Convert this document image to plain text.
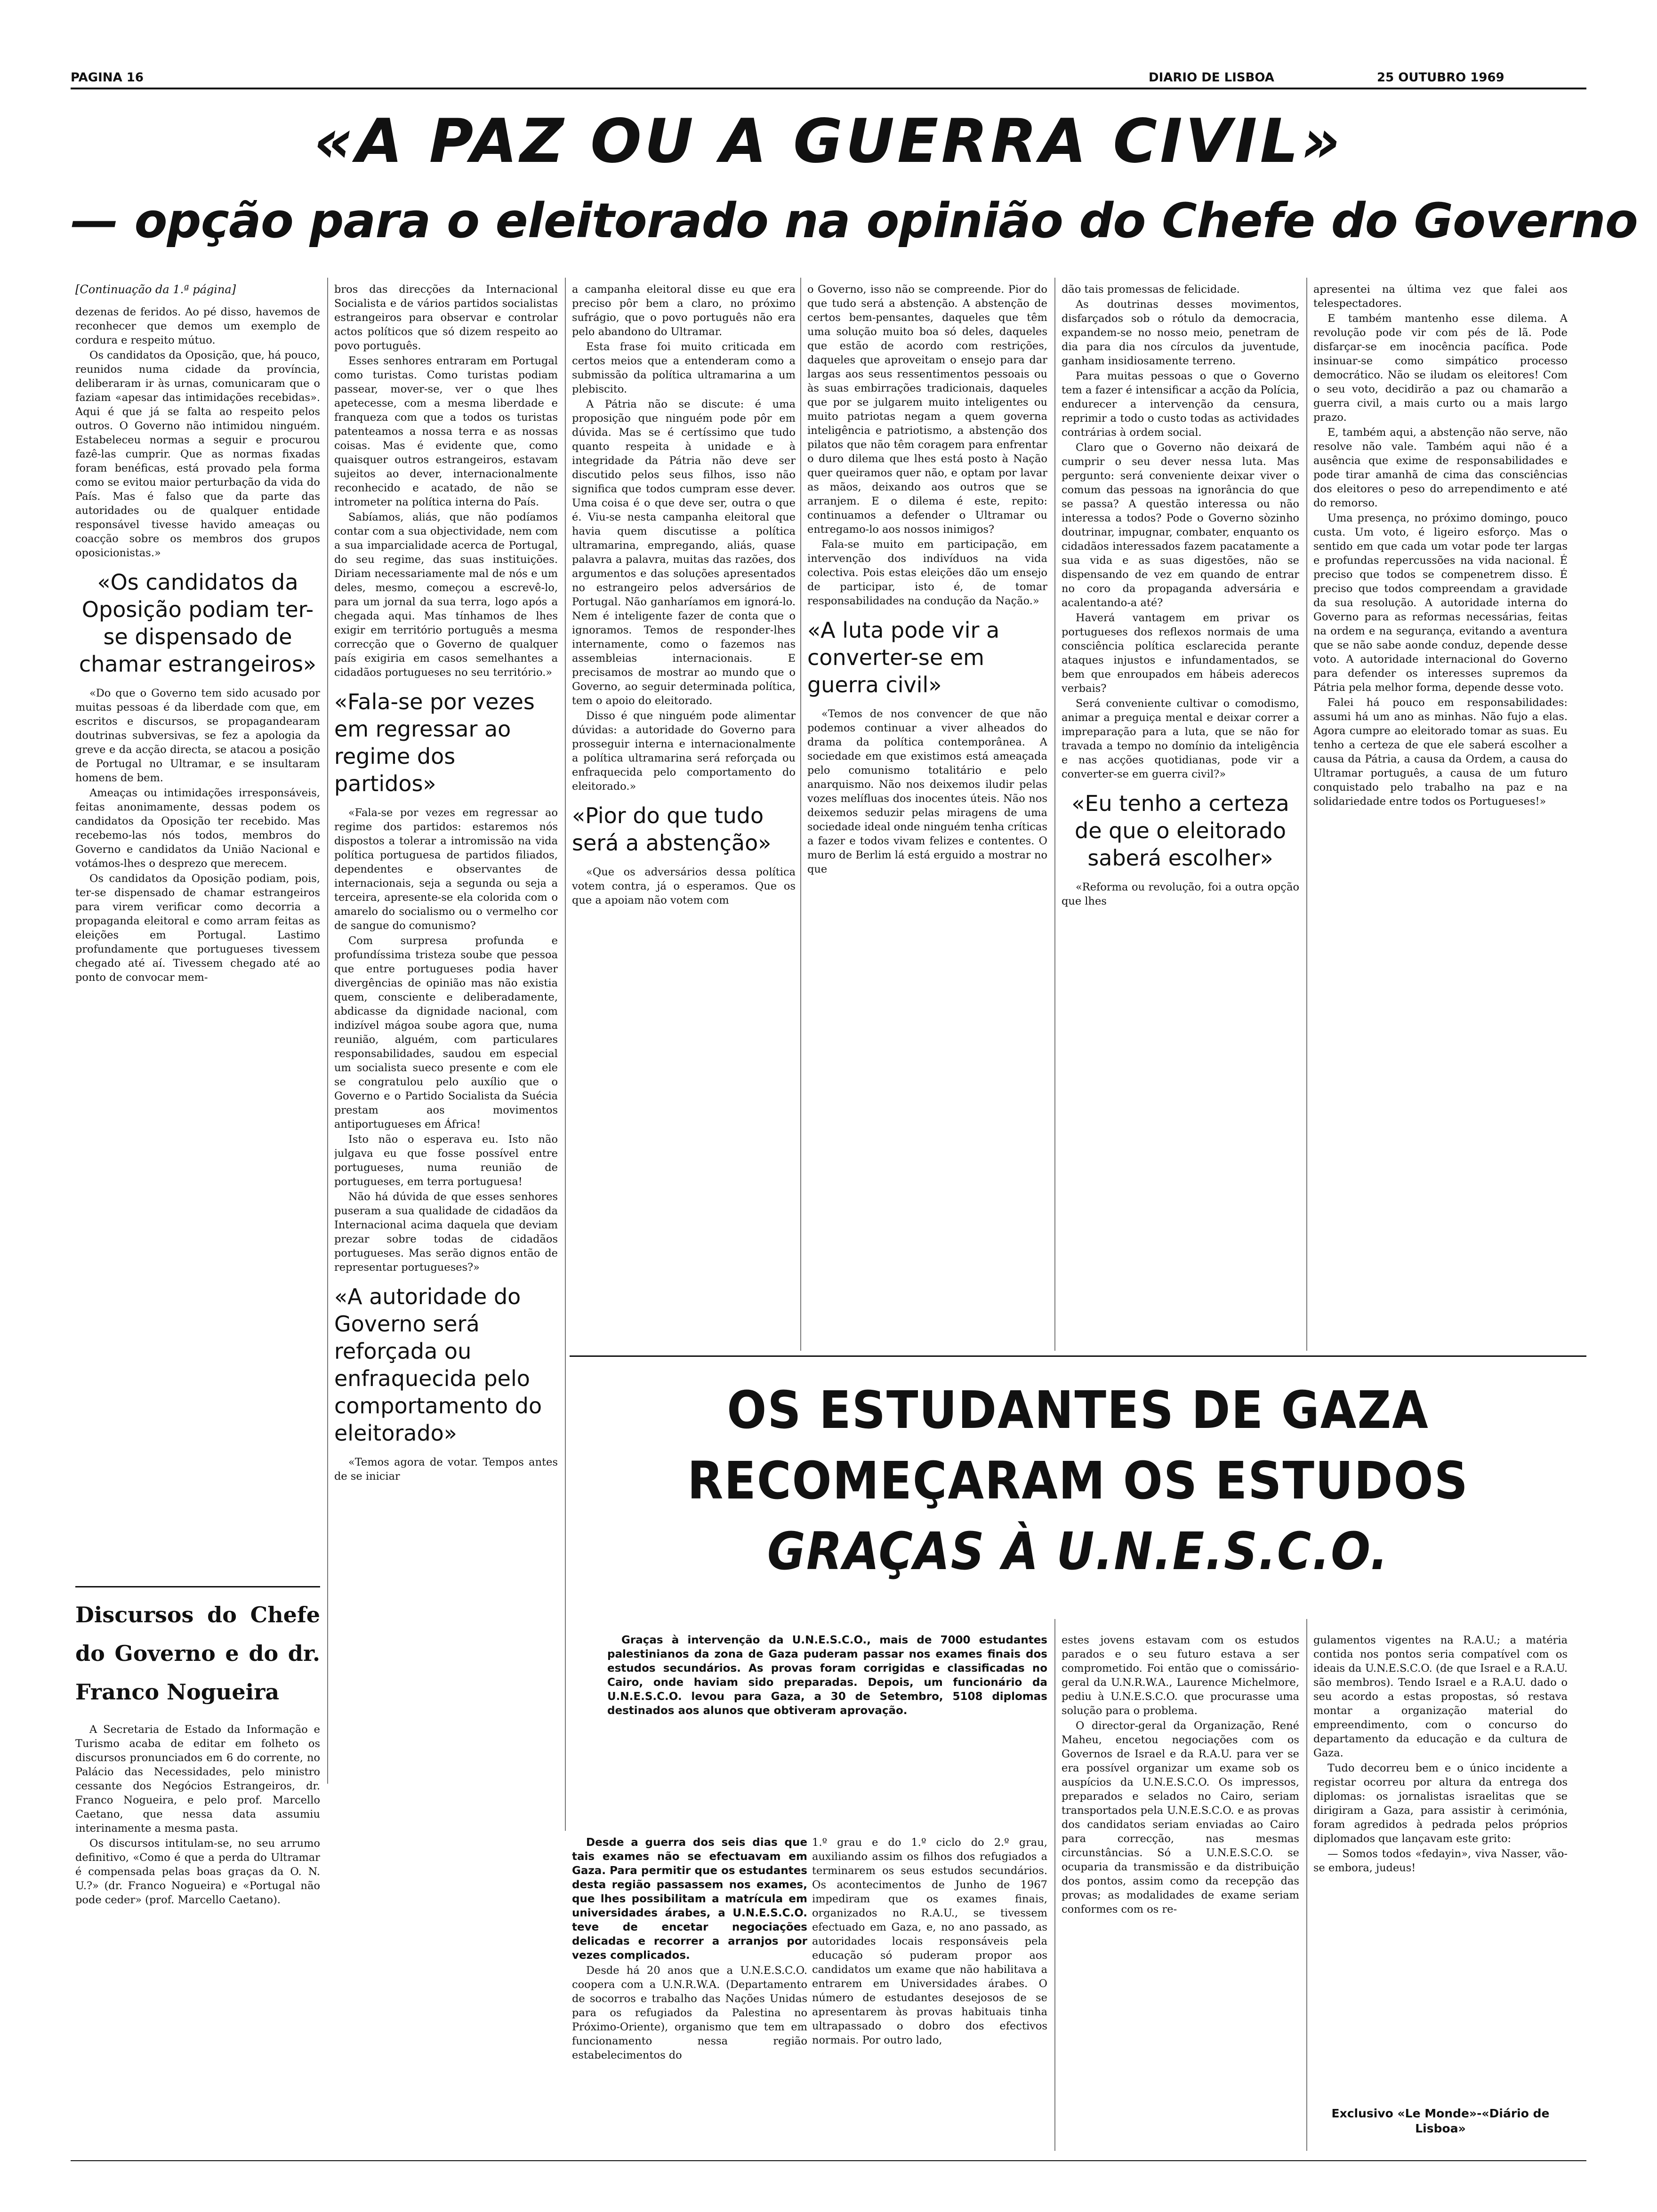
PAGINA 16	DIARIO DE LISBOA	25 OUTUBRO 1969
«A PAZ OU A GUERRA CIVIL»
— opção para o eleitorado na opinião do Chefe do Governo

[Continuação da 1.ª página]

dezenas de feridos. Ao pé disso, havemos de reconhecer que demos um exemplo de cordura e respeito mútuo.

Os candidatos da Oposição, que, há pouco, reunidos numa cidade da província, deliberaram ir às urnas, comunicaram que o faziam «apesar das intimidações recebidas». Aqui é que já se falta ao respeito pelos outros. O Governo não intimidou ninguém. Estabeleceu normas a seguir e procurou fazê-las cumprir. Que as normas fixadas foram benéficas, está provado pela forma como se evitou maior perturbação da vida do País. Mas é falso que da parte das autoridades ou de qualquer entidade responsável tivesse havido ameaças ou coacção sobre os membros dos grupos oposicionistas.»

«Os candidatos da Oposição podiam ter-se dispensado de chamar estrangeiros»

«Do que o Governo tem sido acusado por muitas pessoas é da liberdade com que, em escritos e discursos, se propagandearam doutrinas subversivas, se fez a apologia da greve e da acção directa, se atacou a posição de Portugal no Ultramar, e se insultaram homens de bem.

Ameaças ou intimidações irresponsáveis, feitas anonimamente, dessas podem os candidatos da Oposição ter recebido. Mas recebemo-las nós todos, membros do Governo e candidatos da União Nacional e votámos-lhes o desprezo que merecem.

Os candidatos da Oposição podiam, pois, ter-se dispensado de chamar estrangeiros para virem verificar como decorria a propaganda eleitoral e como arram feitas as eleições em Portugal. Lastimo profundamente que portugueses tivessem chegado até aí. Tivessem chegado até ao ponto de convocar mem-

Discursos do Chefe do Governo e do dr. Franco Nogueira

A Secretaria de Estado da Informação e Turismo acaba de editar em folheto os discursos pronunciados em 6 do corrente, no Palácio das Necessidades, pelo ministro cessante dos Negócios Estrangeiros, dr. Franco Nogueira, e pelo prof. Marcello Caetano, que nessa data assumiu interinamente a mesma pasta.

Os discursos intitulam-se, no seu arrumo definitivo, «Como é que a perda do Ultramar é compensada pelas boas graças da O. N. U.?» (dr. Franco Nogueira) e «Portugal não pode ceder» (prof. Marcello Caetano).

bros das direcções da Internacional Socialista e de vários partidos socialistas estrangeiros para observar e controlar actos políticos que só dizem respeito ao povo português.

Esses senhores entraram em Portugal como turistas. Como turistas podiam passear, mover-se, ver o que lhes apetecesse, com a mesma liberdade e franqueza com que a todos os turistas patenteamos a nossa terra e as nossas coisas. Mas é evidente que, como quaisquer outros estrangeiros, estavam sujeitos ao dever, internacionalmente reconhecido e acatado, de não se intrometer na política interna do País.

Sabíamos, aliás, que não podíamos contar com a sua objectividade, nem com a sua imparcialidade acerca de Portugal, do seu regime, das suas instituições. Diriam necessariamente mal de nós e um deles, mesmo, começou a escrevê-lo, para um jornal da sua terra, logo após a chegada aqui. Mas tínhamos de lhes exigir em território português a mesma correcção que o Governo de qualquer país exigiria em casos semelhantes a cidadãos portugueses no seu território.»

«Fala-se por vezes em regressar ao regime dos partidos»

«Fala-se por vezes em regressar ao regime dos partidos: estaremos nós dispostos a tolerar a intromissão na vida política portuguesa de partidos filiados, dependentes e observantes de internacionais, seja a segunda ou seja a terceira, apresente-se ela colorida com o amarelo do socialismo ou o vermelho cor de sangue do comunismo?

Com surpresa profunda e profundíssima tristeza soube que pessoa que entre portugueses podia haver divergências de opinião mas não existia quem, consciente e deliberadamente, abdicasse da dignidade nacional, com indizível mágoa soube agora que, numa reunião, alguém, com particulares responsabilidades, saudou em especial um socialista sueco presente e com ele se congratulou pelo auxílio que o Governo e o Partido Socialista da Suécia prestam aos movimentos antiportugueses em África!

Isto não o esperava eu. Isto não julgava eu que fosse possível entre portugueses, numa reunião de portugueses, em terra portuguesa!

Não há dúvida de que esses senhores puseram a sua qualidade de cidadãos da Internacional acima daquela que deviam prezar sobre todas de cidadãos portugueses. Mas serão dignos então de representar portugueses?»

«A autoridade do Governo será reforçada ou enfraquecida pelo comportamento do eleitorado»

«Temos agora de votar. Tempos antes de se iniciar

a campanha eleitoral disse eu que era preciso pôr bem a claro, no próximo sufrágio, que o povo português não era pelo abandono do Ultramar.

Esta frase foi muito criticada em certos meios que a entenderam como a submissão da política ultramarina a um plebiscito.

A Pátria não se discute: é uma proposição que ninguém pode pôr em dúvida. Mas se é certíssimo que tudo quanto respeita à unidade e à integridade da Pátria não deve ser discutido pelos seus filhos, isso não significa que todos cumpram esse dever. Uma coisa é o que deve ser, outra o que é. Viu-se nesta campanha eleitoral que havia quem discutisse a política ultramarina, empregando, aliás, quase palavra a palavra, muitas das razões, dos argumentos e das soluções apresentados no estrangeiro pelos adversários de Portugal. Não ganharíamos em ignorá-lo. Nem é inteligente fazer de conta que o ignoramos. Temos de responder-lhes internamente, como o fazemos nas assembleias internacionais. E precisamos de mostrar ao mundo que o Governo, ao seguir determinada política, tem o apoio do eleitorado.

Disso é que ninguém pode alimentar dúvidas: a autoridade do Governo para prosseguir interna e internacionalmente a política ultramarina será reforçada ou enfraquecida pelo comportamento do eleitorado.»

«Pior do que tudo será a abstenção»

«Que os adversários dessa política votem contra, já o esperamos. Que os que a apoiam não votem com

o Governo, isso não se compreende. Pior do que tudo será a abstenção. A abstenção de certos bem-pensantes, daqueles que têm uma solução muito boa só deles, daqueles que estão de acordo com restrições, daqueles que aproveitam o ensejo para dar largas aos seus ressentimentos pessoais ou às suas embirrações tradicionais, daqueles que por se julgarem muito inteligentes ou muito patriotas negam a quem governa inteligência e patriotismo, a abstenção dos pilatos que não têm coragem para enfrentar o duro dilema que lhes está posto à Nação quer queiramos quer não, e optam por lavar as mãos, deixando aos outros que se arranjem. E o dilema é este, repito: continuamos a defender o Ultramar ou entregamo-lo aos nossos inimigos?

Fala-se muito em participação, em intervenção dos indivíduos na vida colectiva. Pois estas eleições dão um ensejo de participar, isto é, de tomar responsabilidades na condução da Nação.»

«A luta pode vir a converter-se em guerra civil»

«Temos de nos convencer de que não podemos continuar a viver alheados do drama da política contemporânea. A sociedade em que existimos está ameaçada pelo comunismo totalitário e pelo anarquismo. Não nos deixemos iludir pelas vozes melífluas dos inocentes úteis. Não nos deixemos seduzir pelas miragens de uma sociedade ideal onde ninguém tenha críticas a fazer e todos vivam felizes e contentes. O muro de Berlim lá está erguido a mostrar no que

dão tais promessas de felicidade.

As doutrinas desses movimentos, disfarçados sob o rótulo da democracia, expandem-se no nosso meio, penetram de dia para dia nos círculos da juventude, ganham insidiosamente terreno.

Para muitas pessoas o que o Governo tem a fazer é intensificar a acção da Polícia, endurecer a intervenção da censura, reprimir a todo o custo todas as actividades contrárias à ordem social.

Claro que o Governo não deixará de cumprir o seu dever nessa luta. Mas pergunto: será conveniente deixar viver o comum das pessoas na ignorância do que se passa? A questão interessa ou não interessa a todos? Pode o Governo sòzinho doutrinar, impugnar, combater, enquanto os cidadãos interessados fazem pacatamente a sua vida e as suas digestões, não se dispensando de vez em quando de entrar no coro da propaganda adversária e acalentando-a até?

Haverá vantagem em privar os portugueses dos reflexos normais de uma consciência política esclarecida perante ataques injustos e infundamentados, se bem que enroupados em hábeis aderecos verbais?

Será conveniente cultivar o comodismo, animar a preguiça mental e deixar correr a impreparação para a luta, que se não for travada a tempo no domínio da inteligência e nas acções quotidianas, pode vir a converter-se em guerra civil?»

«Eu tenho a certeza de que o eleitorado saberá escolher»

«Reforma ou revolução, foi a outra opção que lhes

apresentei na última vez que falei aos telespectadores.

E também mantenho esse dilema. A revolução pode vir com pés de lã. Pode disfarçar-se em inocência pacífica. Pode insinuar-se como simpático processo democrático. Não se iludam os eleitores! Com o seu voto, decidirão a paz ou chamarão a guerra civil, a mais curto ou a mais largo prazo.

E, também aqui, a abstenção não serve, não resolve não vale. Também aqui não é a ausência que exime de responsabilidades e pode tirar amanhã de cima das consciências dos eleitores o peso do arrependimento e até do remorso.

Uma presença, no próximo domingo, pouco custa. Um voto, é ligeiro esforço. Mas o sentido em que cada um votar pode ter largas e profundas repercussões na vida nacional. É preciso que todos se compenetrem disso. É preciso que todos compreendam a gravidade da sua resolução. A autoridade interna do Governo para as reformas necessárias, feitas na ordem e na segurança, evitando a aventura que se não sabe aonde conduz, depende desse voto. A autoridade internacional do Governo para defender os interesses supremos da Pátria pela melhor forma, depende desse voto.

Falei há pouco em responsabilidades: assumi há um ano as minhas. Não fujo a elas. Agora cumpre ao eleitorado tomar as suas. Eu tenho a certeza de que ele saberá escolher a causa da Pátria, a causa da Ordem, a causa do Ultramar português, a causa de um futuro conquistado pelo trabalho na paz e na solidariedade entre todos os Portugueses!»

OS ESTUDANTES DE GAZA
RECOMEÇARAM OS ESTUDOS
GRAÇAS À U.N.E.S.C.O.

Graças à intervenção da U.N.E.S.C.O., mais de 7000 estudantes palestinianos da zona de Gaza puderam passar nos exames finais dos estudos secundários. As provas foram corrigidas e classificadas no Cairo, onde haviam sido preparadas. Depois, um funcionário da U.N.E.S.C.O. levou para Gaza, a 30 de Setembro, 5108 diplomas destinados aos alunos que obtiveram aprovação.

Desde a guerra dos seis dias que tais exames não se efectuavam em Gaza. Para permitir que os estudantes desta região passassem nos exames, que lhes possibilitam a matrícula em universidades árabes, a U.N.E.S.C.O. teve de encetar negociações delicadas e recorrer a arranjos por vezes complicados.

Desde há 20 anos que a U.N.E.S.C.O. coopera com a U.N.R.W.A. (Departamento de socorros e trabalho das Nações Unidas para os refugiados da Palestina no Próximo-Oriente), organismo que tem em funcionamento nessa região estabelecimentos do

1.º grau e do 1.º ciclo do 2.º grau, auxiliando assim os filhos dos refugiados a terminarem os seus estudos secundários. Os acontecimentos de Junho de 1967 impediram que os exames finais, organizados no R.A.U., se tivessem efectuado em Gaza, e, no ano passado, as autoridades locais responsáveis pela educação só puderam propor aos candidatos um exame que não habilitava a entrarem em Universidades árabes. O número de estudantes desejosos de se apresentarem às provas habituais tinha ultrapassado o dobro dos efectivos normais. Por outro lado,

estes jovens estavam com os estudos parados e o seu futuro estava a ser comprometido. Foi então que o comissário-geral da U.N.R.W.A., Laurence Michelmore, pediu à U.N.E.S.C.O. que procurasse uma solução para o problema.

O director-geral da Organização, René Maheu, encetou negociações com os Governos de Israel e da R.A.U. para ver se era possível organizar um exame sob os auspícios da U.N.E.S.C.O. Os impressos, preparados e selados no Cairo, seriam transportados pela U.N.E.S.C.O. e as provas dos candidatos seriam enviadas ao Cairo para correcção, nas mesmas circunstâncias. Só a U.N.E.S.C.O. se ocuparia da transmissão e da distribuição dos pontos, assim como da recepção das provas; as modalidades de exame seriam conformes com os re-

gulamentos vigentes na R.A.U.; a matéria contida nos pontos seria compatível com os ideais da U.N.E.S.C.O. (de que Israel e a R.A.U. são membros). Tendo Israel e a R.A.U. dado o seu acordo a estas propostas, só restava montar a organização material do empreendimento, com o concurso do departamento da educação e da cultura de Gaza.

Tudo decorreu bem e o único incidente a registar ocorreu por altura da entrega dos diplomas: os jornalistas israelitas que se dirigiram a Gaza, para assistir à cerimónia, foram agredidos à pedrada pelos próprios diplomados que lançavam este grito:

— Somos todos «fedayin», viva Nasser, vão-se embora, judeus!

Exclusivo «Le Monde»-«Diário de Lisboa»
